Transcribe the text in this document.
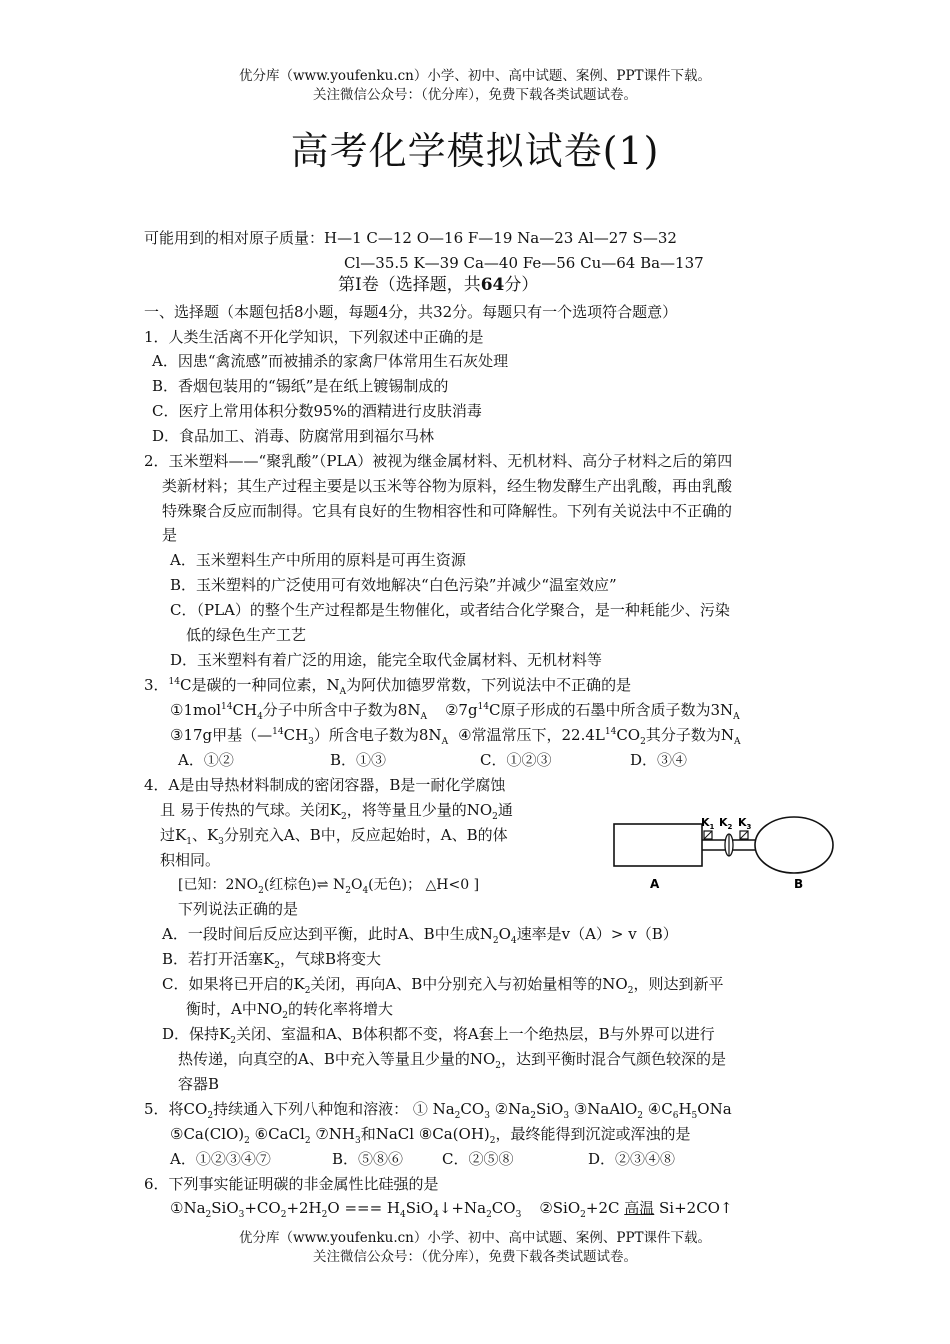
优分库（www.youfenku.cn）小学、初中、高中试题、案例、PPT课件下载。
关注微信公众号：（优分库），免费下载各类试题试卷。
高考化学模拟试卷(1)
可能用到的相对原子质量：H—1 C—12 O—16 F—19 Na—23 Al—27 S—32
Cl—35.5 K—39 Ca—40 Fe—56 Cu—64 Ba—137
第Ⅰ卷（选择题，共64分）
一、选择题（本题包括8小题，每题4分，共32分。每题只有一个选项符合题意）
1．人类生活离不开化学知识，下列叙述中正确的是
A．因患“禽流感”而被捕杀的家禽尸体常用生石灰处理
B．香烟包装用的“锡纸”是在纸上镀锡制成的
C．医疗上常用体积分数95%的酒精进行皮肤消毒
D．食品加工、消毒、防腐常用到福尔马林
2．玉米塑料——“聚乳酸”（PLA）被视为继金属材料、无机材料、高分子材料之后的第四
类新材料；其生产过程主要是以玉米等谷物为原料，经生物发酵生产出乳酸，再由乳酸
特殊聚合反应而制得。它具有良好的生物相容性和可降解性。下列有关说法中不正确的
是
A．玉米塑料生产中所用的原料是可再生资源
B．玉米塑料的广泛使用可有效地解决“白色污染”并减少“温室效应”
C．（PLA）的整个生产过程都是生物催化，或者结合化学聚合，是一种耗能少、污染
低的绿色生产工艺
D．玉米塑料有着广泛的用途，能完全取代金属材料、无机材料等
3．$^{14}$C是碳的一种同位素，$N_A$为阿伏加德罗常数，下列说法中不正确的是
$①1mol^{14}CH_4$分子中所含中子数为$8N_A$ $②7g^{14}C$原子形成的石墨中所含质子数为$3N_A$
③17g甲基$(—^{14}CH_3)$所含电子数为$8N_A$ ④常温常压下，$22.4L^{14}CO_2$其分子数为$N_A$
A．①②	B．①③	C．①②③	D．③④
4．A是由导热材料制成的密闭容器，B是一耐化学腐蚀
且 易于传热的气球。关闭$K_2$，将等量且少量的$NO_2$通
过$K_1$、$K_3$分别充入A、B中，反应起始时，A、B的体
积相同。
[已知：$2NO_2$(红棕色)⇌ $N_2O_4$(无色)； △H<0 ]
下列说法正确的是
A．一段时间后反应达到平衡，此时A、B中生成$N_2O_4$速率是v（A）> v（B）
B．若打开活塞$K_2$，气球B将变大
C．如果将已开启的$K_2$关闭，再向A、B中分别充入与初始量相等的$NO_2$，则达到新平
衡时，A中$NO_2$的转化率将增大
D．保持$K_2$关闭、室温和A、B体积都不变，将A套上一个绝热层，B与外界可以进行
热传递，向真空的A、B中充入等量且少量的$NO_2$，达到平衡时混合气颜色较深的是
容器B
$K_1$ $K_2$ $K_3$
A	B
5．将$CO_2$持续通入下列八种饱和溶液： ① $Na_2CO_3$ $②Na_2SiO_3$ ③NaAlO$_2$ $④C_6H_5ONa$
$⑤Ca(ClO)_2$ ⑥CaCl$_2$ $⑦NH_3$和NaCl $⑧Ca(OH)_2$，最终能得到沉淀或浑浊的是
A．①②③④⑦	B．⑤⑧⑥	C．②⑤⑧	D．②③④⑧
6．下列事实能证明碳的非金属性比硅强的是
$①Na_2SiO_3+CO_2+2H_2O$ === $H_4SiO_4↓+Na_2CO_3$ ②SiO$_2$+2C 高温 Si+2CO↑
优分库（www.youfenku.cn）小学、初中、高中试题、案例、PPT课件下载。
关注微信公众号：（优分库），免费下载各类试题试卷。
